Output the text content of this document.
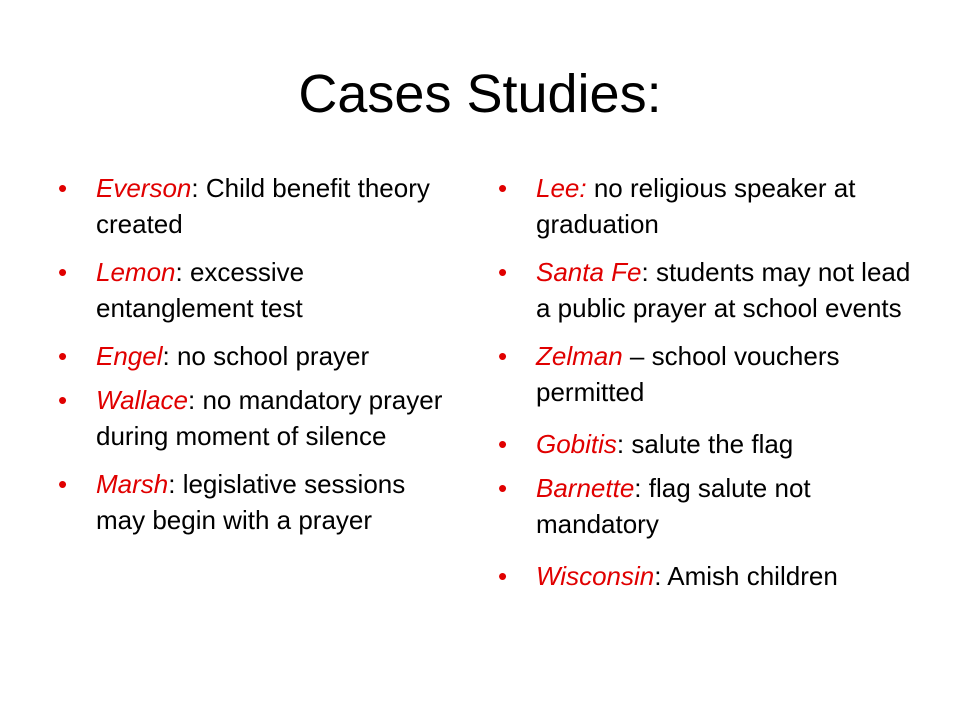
Cases Studies:
• Everson: Child benefit theory created
• Lemon: excessive entanglement test
• Engel: no school prayer
• Wallace: no mandatory prayer during moment of silence
• Marsh: legislative sessions may begin with a prayer
• Lee: no religious speaker at graduation
• Santa Fe: students may not lead a public prayer at school events
• Zelman – school vouchers permitted
• Gobitis: salute the flag
• Barnette: flag salute not mandatory
• Wisconsin: Amish children
